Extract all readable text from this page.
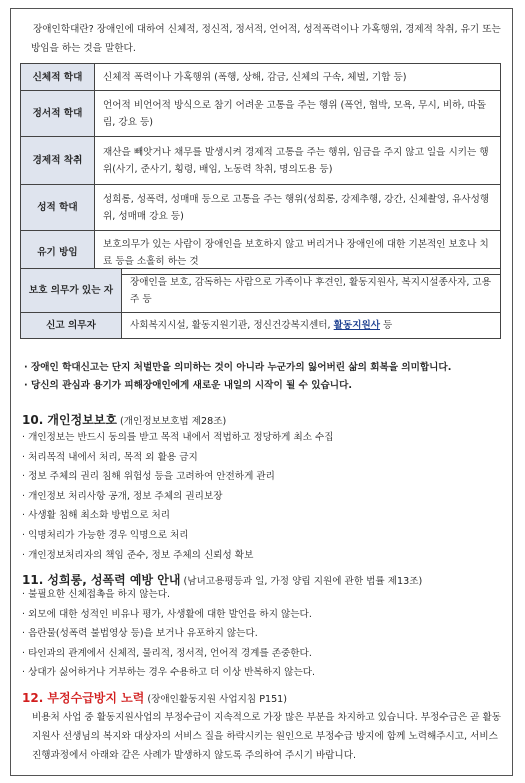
장애인학대란? 장애인에 대하여 신체적, 정신적, 정서적, 언어적, 성적폭력이나 가혹행위, 경제적 착취, 유기 또는 방임을 하는 것을 말한다.
신체적 학대	신체적 폭력이나 가혹행위 (폭행, 상해, 감금, 신체의 구속, 체벌, 기합 등)
정서적 학대	언어적 비언어적 방식으로 참기 어려운 고통을 주는 행위 (폭언, 협박, 모욕, 무시, 비하, 따돌림, 강요 등)
경제적 착취	재산을 빼앗거나 채무를 발생시켜 경제적 고통을 주는 행위, 임금을 주지 않고 일을 시키는 행위(사기, 준사기, 횡령, 배임, 노동력 착취, 명의도용 등)
성적 학대	성희롱, 성폭력, 성매매 등으로 고통을 주는 행위(성희롱, 강제추행, 강간, 신체촬영, 유사성행위, 성매매 강요 등)
유기 방임	보호의무가 있는 사람이 장애인을 보호하지 않고 버리거나 장애인에 대한 기본적인 보호나 치료 등을 소홀히 하는 것
보호 의무가 있는 자	장애인을 보호, 감독하는 사람으로 가족이나 후견인, 활동지원사, 복지시설종사자, 고용주 등
신고 의무자	사회복지시설, 활동지원기관, 정신건강복지센터, 활동지원사 등
· 장애인 학대신고는 단지 처벌만을 의미하는 것이 아니라 누군가의 잃어버린 삶의 회복을 의미합니다.
· 당신의 관심과 용기가 피해장애인에게 새로운 내일의 시작이 될 수 있습니다.
10. 개인정보보호 (개인정보보호법 제28조)
· 개인정보는 반드시 동의를 받고 목적 내에서 적법하고 정당하게 최소 수집
· 처리목적 내에서 처리, 목적 외 활용 금지
· 정보 주체의 권리 침해 위험성 등을 고려하여 안전하게 관리
· 개인정보 처리사항 공개, 정보 주체의 권리보장
· 사생활 침해 최소화 방법으로 처리
· 익명처리가 가능한 경우 익명으로 처리
· 개인정보처리자의 책임 준수, 정보 주체의 신뢰성 확보
11. 성희롱, 성폭력 예방 안내 (남녀고용평등과 일, 가정 양립 지원에 관한 법률 제13조)
· 불필요한 신체접촉을 하지 않는다.
· 외모에 대한 성적인 비유나 평가, 사생활에 대한 발언을 하지 않는다.
· 음란물(성폭력 불법영상 등)을 보거나 유포하지 않는다.
· 타인과의 관계에서 신체적, 물리적, 정서적, 언어적 경계를 존중한다.
· 상대가 싫어하거나 거부하는 경우 수용하고 더 이상 반복하지 않는다.
12. 부정수급방지 노력 (장애인활동지원 사업지침 P151)
비용처 사업 중 활동지원사업의 부정수급이 지속적으로 가장 많은 부분을 차지하고 있습니다. 부정수급은 곧 활동지원사 선생님의 복지와 대상자의 서비스 질을 하락시키는 원인으로 부정수급 방지에 함께 노력해주시고, 서비스 진행과정에서 아래와 같은 사례가 발생하지 않도록 주의하여 주시기 바랍니다.
